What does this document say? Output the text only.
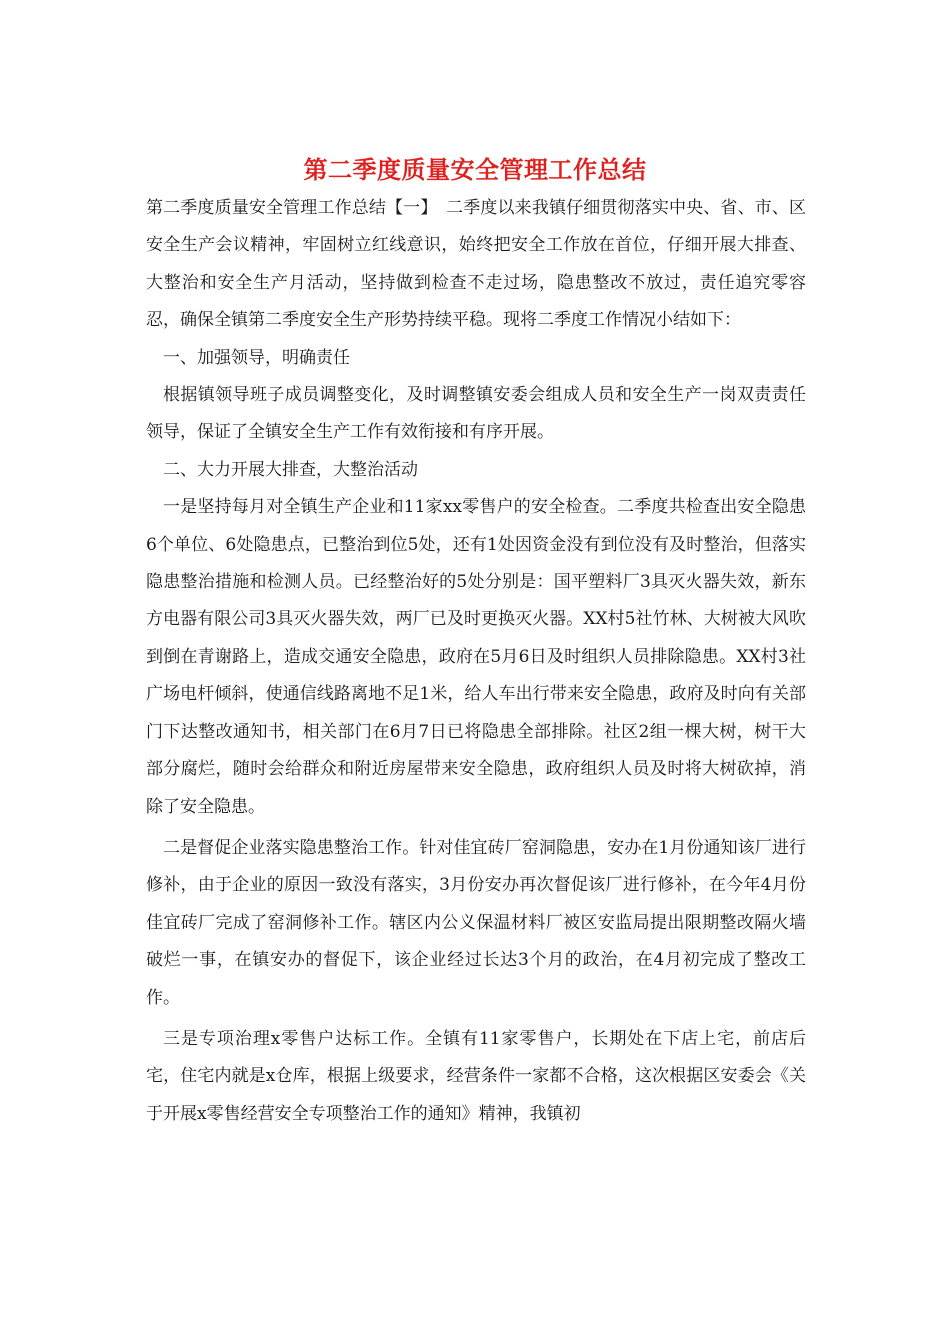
第二季度质量安全管理工作总结

第二季度质量安全管理工作总结【一】　二季度以来我镇仔细贯彻落实中央、省、市、区安全生产会议精神，牢固树立红线意识，始终把安全工作放在首位，仔细开展大排查、大整治和安全生产月活动，坚持做到检查不走过场，隐患整改不放过，责任追究零容忍，确保全镇第二季度安全生产形势持续平稳。现将二季度工作情况小结如下：

一、加强领导，明确责任

根据镇领导班子成员调整变化，及时调整镇安委会组成人员和安全生产一岗双责责任领导，保证了全镇安全生产工作有效衔接和有序开展。

二、大力开展大排查，大整治活动

一是坚持每月对全镇生产企业和11家xx零售户的安全检查。二季度共检查出安全隐患6个单位、6处隐患点，已整治到位5处，还有1处因资金没有到位没有及时整治，但落实隐患整治措施和检测人员。已经整治好的5处分别是：国平塑料厂3具灭火器失效，新东方电器有限公司3具灭火器失效，两厂已及时更换灭火器。XX村5社竹林、大树被大风吹到倒在青谢路上，造成交通安全隐患，政府在5月6日及时组织人员排除隐患。XX村3社广场电杆倾斜，使通信线路离地不足1米，给人车出行带来安全隐患，政府及时向有关部门下达整改通知书，相关部门在6月7日已将隐患全部排除。社区2组一棵大树，树干大部分腐烂，随时会给群众和附近房屋带来安全隐患，政府组织人员及时将大树砍掉，消除了安全隐患。

二是督促企业落实隐患整治工作。针对佳宜砖厂窑洞隐患，安办在1月份通知该厂进行修补，由于企业的原因一致没有落实，3月份安办再次督促该厂进行修补，在今年4月份佳宜砖厂完成了窑洞修补工作。辖区内公义保温材料厂被区安监局提出限期整改隔火墙破烂一事，在镇安办的督促下，该企业经过长达3个月的政治，在4月初完成了整改工作。

三是专项治理x零售户达标工作。全镇有11家零售户，长期处在下店上宅，前店后宅，住宅内就是x仓库，根据上级要求，经营条件一家都不合格，这次根据区安委会《关于开展x零售经营安全专项整治工作的通知》精神，我镇初
